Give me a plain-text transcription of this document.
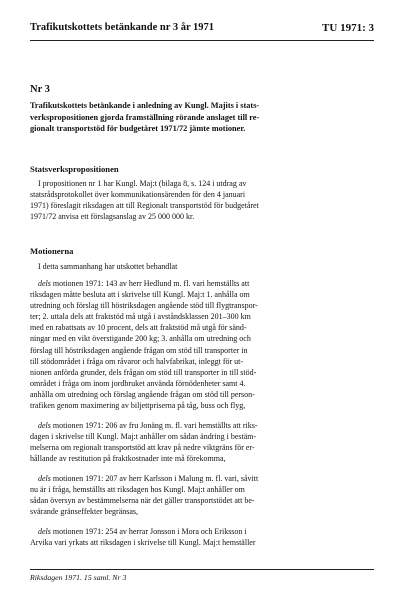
Trafikutskottets betänkande nr 3 år 1971	TU 1971: 3
Nr 3
Trafikutskottets betänkande i anledning av Kungl. Majits i stats-
verkspropositionen gjorda framställning rörande anslaget till re-
gionalt transportstöd för budgetåret 1971/72 jämte motioner.
Statsverkspropositionen
I propositionen nr 1 har Kungl. Maj:t (bilaga 8, s. 124 i utdrag av
statsrådsprotokollet över kommunikationsärenden för den 4 januari
1971) föreslagit riksdagen att till Regionalt transportstöd för budgetåret
1971/72 anvisa ett förslagsanslag av 25 000 000 kr.
Motionerna
I detta sammanhang har utskottet behandlat
dels motionen 1971: 143 av herr Hedlund m. fl. vari hemställts att
riksdagen måtte besluta att i skrivelse till Kungl. Maj:t 1. anhålla om
utredning och förslag till höstriksdagen angående stöd till flygtranspor-
ter; 2. uttala dels att fraktstöd må utgå i avståndsklassen 201–300 km
med en rabattsats av 10 procent, dels att fraktstöd må utgå för sänd-
ningar med en vikt överstigande 200 kg; 3. anhålla om utredning och
förslag till höstriksdagen angående frågan om stöd till transporter in
till stödområdet i fråga om råvaror och halvfabrikat, inleggt för ut-
nionen anförda grunder, dels frågan om stöd till transporter in till stöd-
området i fråga om inom jordbruket använda förnödenheter samt 4.
anhålla om utredning och förslag angående frågan om stöd till person-
trafiken genom maximering av biljettpriserna på tåg, buss och flyg,
dels motionen 1971: 206 av fru Jonäng m. fl. vari hemställts att riks-
dagen i skrivelse till Kungl. Maj:t anhåller om sådan ändring i bestäm-
melserna om regionalt transportstöd att krav på nedre viktgräns för er-
hållande av restitution på fraktkostnader inte må förekomma,
dels motionen 1971: 207 av herr Karlsson i Malung m. fl. vari, såvitt
nu är i fråga, hemställts att riksdagen hos Kungl. Maj:t anhåller om
sådan översyn av bestämmelserna när det gäller transportstödet att be-
svärande gränseffekter begränsas,
dels motionen 1971: 254 av herrar Jonsson i Mora och Eriksson i
Arvika vari yrkats att riksdagen i skrivelse till Kungl. Maj:t hemställer
Riksdagen 1971. 15 saml. Nr 3
